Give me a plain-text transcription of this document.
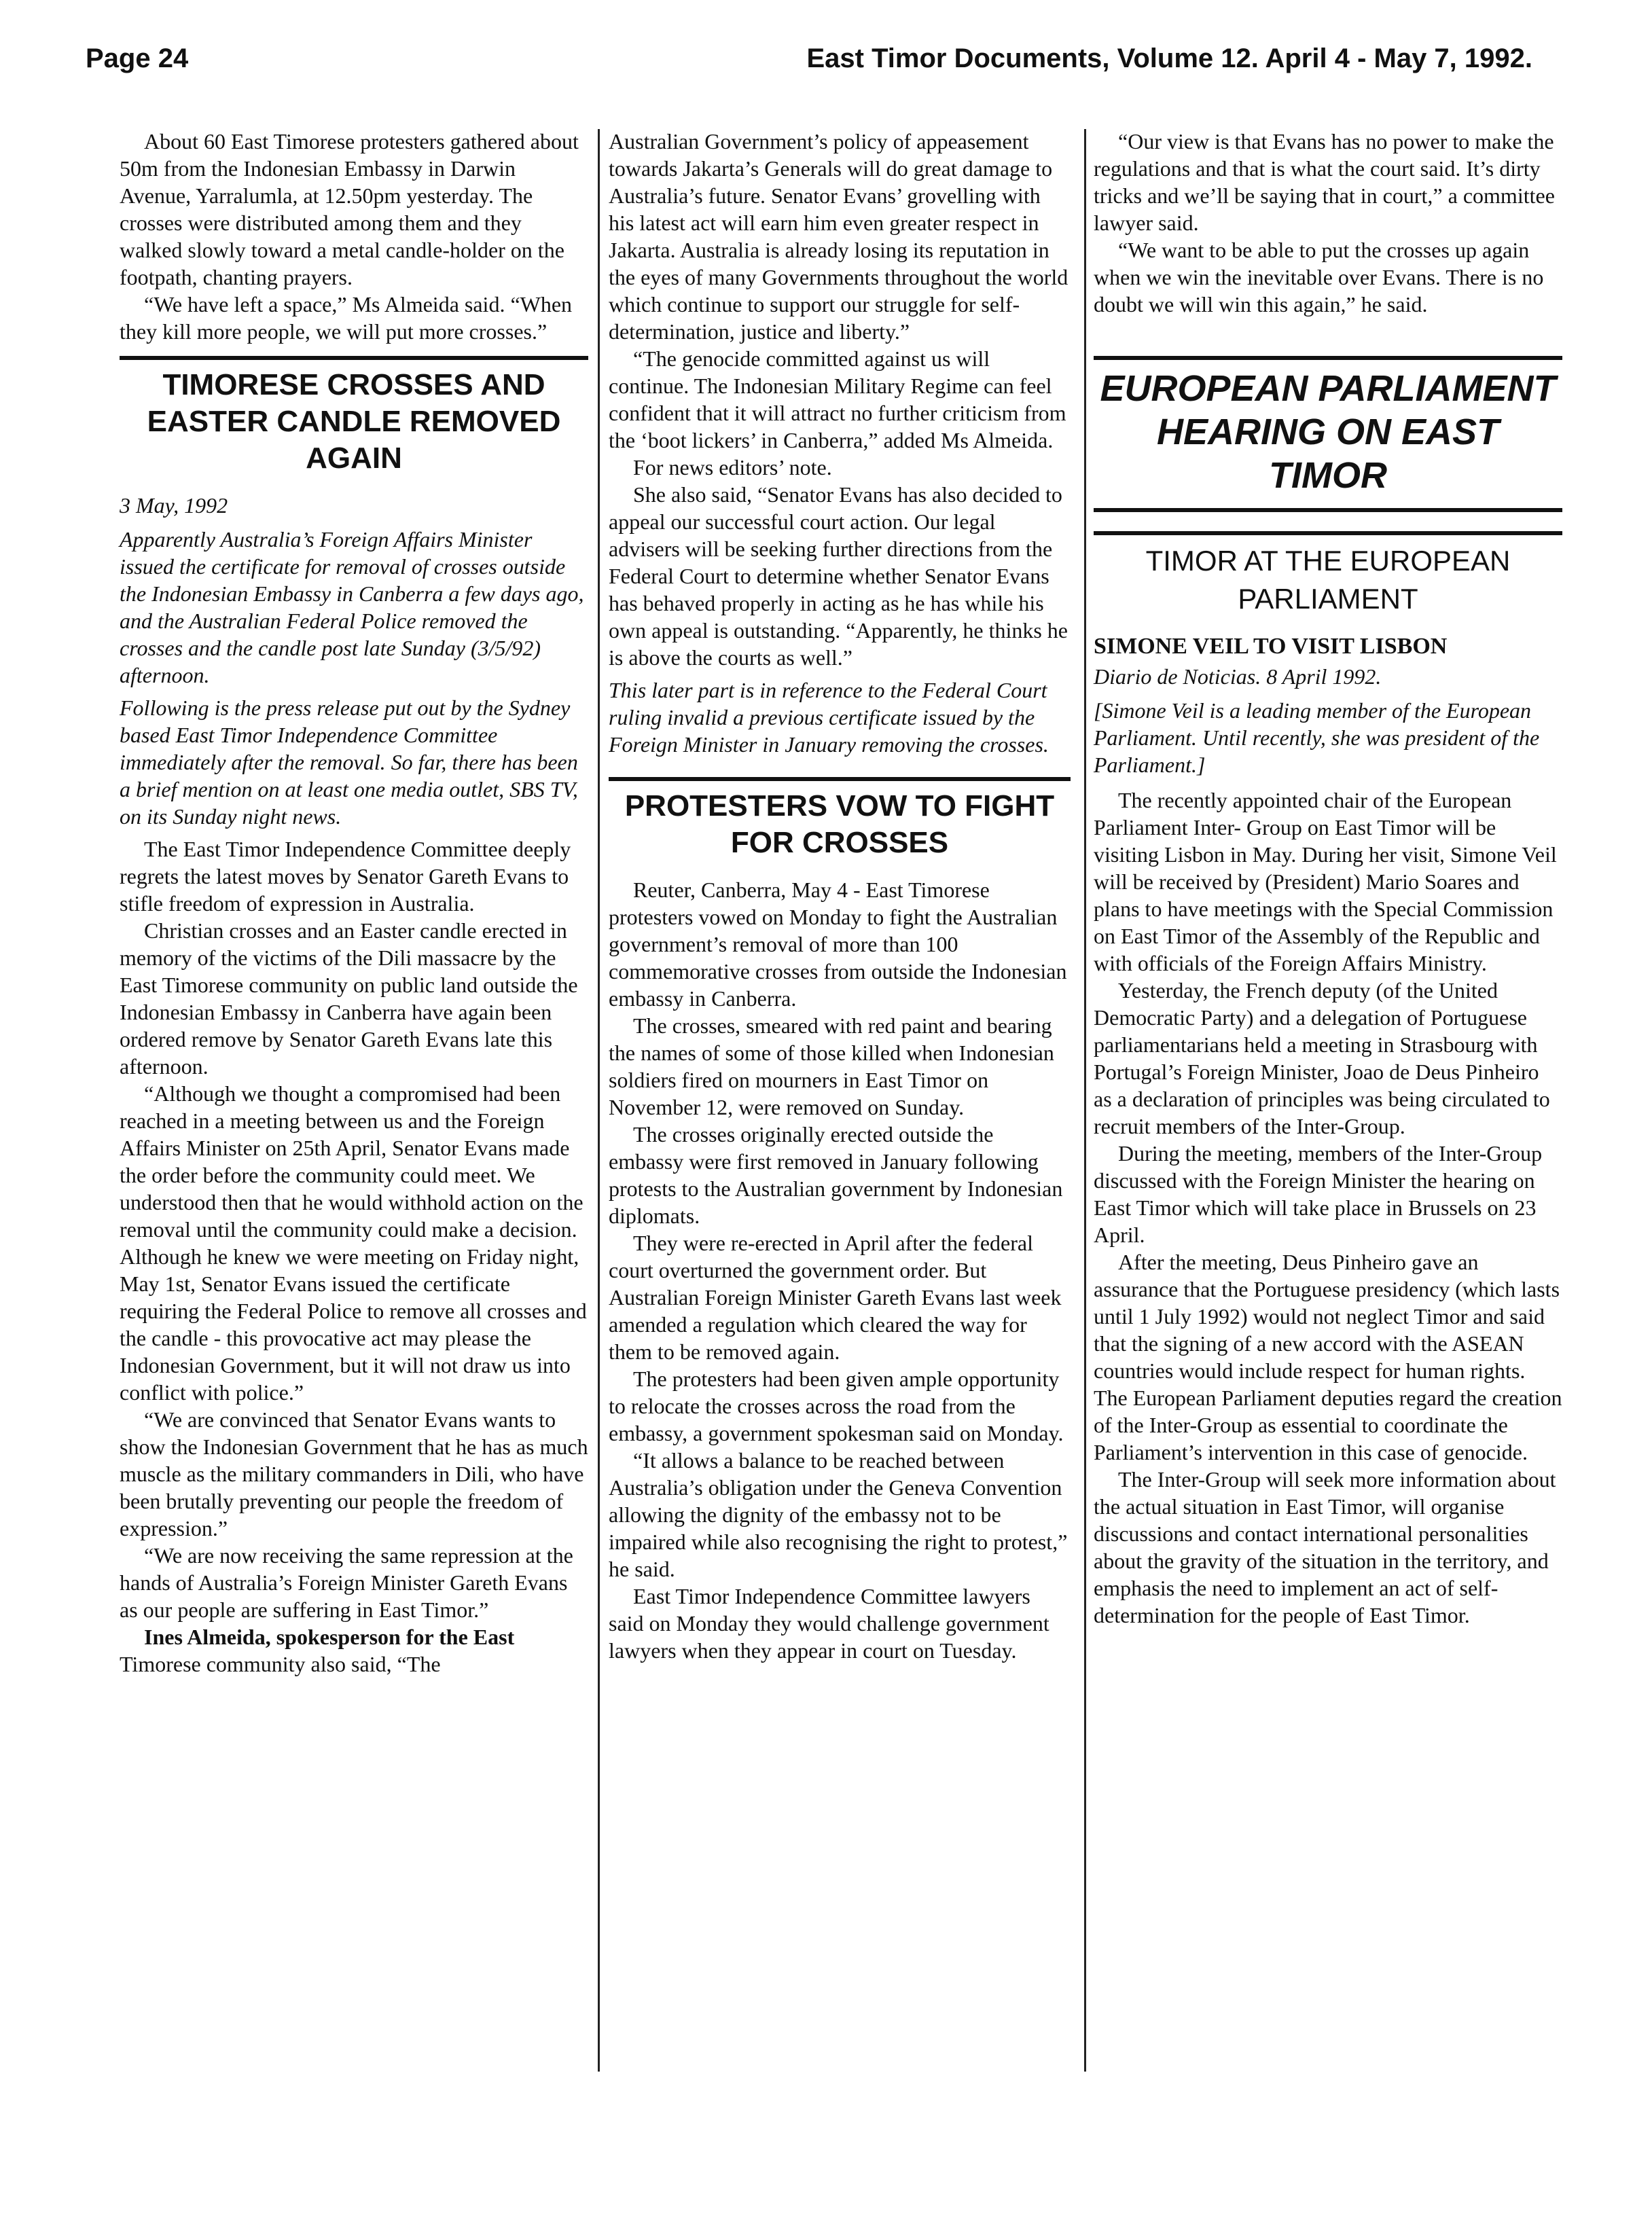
Page 24	East Timor Documents, Volume 12. April 4 - May 7, 1992.

About 60 East Timorese protesters gathered about 50m from the Indonesian Embassy in Darwin Avenue, Yarralumla, at 12.50pm yesterday. The crosses were distributed among them and they walked slowly toward a metal candle-holder on the footpath, chanting prayers.

“We have left a space,” Ms Almeida said. “When they kill more people, we will put more crosses.”

TIMORESE CROSSES AND EASTER CANDLE REMOVED AGAIN
3 May, 1992

Apparently Australia’s Foreign Affairs Minister issued the certificate for removal of crosses outside the Indonesian Embassy in Canberra a few days ago, and the Australian Federal Police removed the crosses and the candle post late Sunday (3/5/92) afternoon.

Following is the press release put out by the Sydney based East Timor Independence Committee immediately after the removal. So far, there has been a brief mention on at least one media outlet, SBS TV, on its Sunday night news.

The East Timor Independence Committee deeply regrets the latest moves by Senator Gareth Evans to stifle freedom of expression in Australia.

Christian crosses and an Easter candle erected in memory of the victims of the Dili massacre by the East Timorese community on public land outside the Indonesian Embassy in Canberra have again been ordered remove by Senator Gareth Evans late this afternoon.

“Although we thought a compromised had been reached in a meeting between us and the Foreign Affairs Minister on 25th April, Senator Evans made the order before the community could meet. We understood then that he would withhold action on the removal until the community could make a decision. Although he knew we were meeting on Friday night, May 1st, Senator Evans issued the certificate requiring the Federal Police to remove all crosses and the candle - this provocative act may please the Indonesian Government, but it will not draw us into conflict with police.”

“We are convinced that Senator Evans wants to show the Indonesian Government that he has as much muscle as the military commanders in Dili, who have been brutally preventing our people the freedom of expression.”

“We are now receiving the same repression at the hands of Australia’s Foreign Minister Gareth Evans as our people are suffering in East Timor.”

Ines Almeida, spokesperson for the East Timorese community also said, “The

Australian Government’s policy of appeasement towards Jakarta’s Generals will do great damage to Australia’s future. Senator Evans’ grovelling with his latest act will earn him even greater respect in Jakarta. Australia is already losing its reputation in the eyes of many Governments throughout the world which continue to support our struggle for self-determination, justice and liberty.”

“The genocide committed against us will continue. The Indonesian Military Regime can feel confident that it will attract no further criticism from the ‘boot lickers’ in Canberra,” added Ms Almeida.

For news editors’ note.

She also said, “Senator Evans has also decided to appeal our successful court action. Our legal advisers will be seeking further directions from the Federal Court to determine whether Senator Evans has behaved properly in acting as he has while his own appeal is outstanding. “Apparently, he thinks he is above the courts as well.”

This later part is in reference to the Federal Court ruling invalid a previous certificate issued by the Foreign Minister in January removing the crosses.

PROTESTERS VOW TO FIGHT FOR CROSSES

Reuter, Canberra, May 4 - East Timorese protesters vowed on Monday to fight the Australian government’s removal of more than 100 commemorative crosses from outside the Indonesian embassy in Canberra.

The crosses, smeared with red paint and bearing the names of some of those killed when Indonesian soldiers fired on mourners in East Timor on November 12, were removed on Sunday.

The crosses originally erected outside the embassy were first removed in January following protests to the Australian government by Indonesian diplomats.

They were re-erected in April after the federal court overturned the government order. But Australian Foreign Minister Gareth Evans last week amended a regulation which cleared the way for them to be removed again.

The protesters had been given ample opportunity to relocate the crosses across the road from the embassy, a government spokesman said on Monday.

“It allows a balance to be reached between Australia’s obligation under the Geneva Convention allowing the dignity of the embassy not to be impaired while also recognising the right to protest,” he said.

East Timor Independence Committee lawyers said on Monday they would challenge government lawyers when they appear in court on Tuesday.

“Our view is that Evans has no power to make the regulations and that is what the court said. It’s dirty tricks and we’ll be saying that in court,” a committee lawyer said.

“We want to be able to put the crosses up again when we win the inevitable over Evans. There is no doubt we will win this again,” he said.

EUROPEAN PARLIAMENT HEARING ON EAST TIMOR
TIMOR AT THE EUROPEAN PARLIAMENT
SIMONE VEIL TO VISIT LISBON
Diario de Noticias. 8 April 1992.

[Simone Veil is a leading member of the European Parliament. Until recently, she was president of the Parliament.]

The recently appointed chair of the European Parliament Inter- Group on East Timor will be visiting Lisbon in May. During her visit, Simone Veil will be received by (President) Mario Soares and plans to have meetings with the Special Commission on East Timor of the Assembly of the Republic and with officials of the Foreign Affairs Ministry.

Yesterday, the French deputy (of the United Democratic Party) and a delegation of Portuguese parliamentarians held a meeting in Strasbourg with Portugal’s Foreign Minister, Joao de Deus Pinheiro as a declaration of principles was being circulated to recruit members of the Inter-Group.

During the meeting, members of the Inter-Group discussed with the Foreign Minister the hearing on East Timor which will take place in Brussels on 23 April.

After the meeting, Deus Pinheiro gave an assurance that the Portuguese presidency (which lasts until 1 July 1992) would not neglect Timor and said that the signing of a new accord with the ASEAN countries would include respect for human rights. The European Parliament deputies regard the creation of the Inter-Group as essential to coordinate the Parliament’s intervention in this case of genocide.

The Inter-Group will seek more information about the actual situation in East Timor, will organise discussions and contact international personalities about the gravity of the situation in the territory, and emphasis the need to implement an act of self-determination for the people of East Timor.
